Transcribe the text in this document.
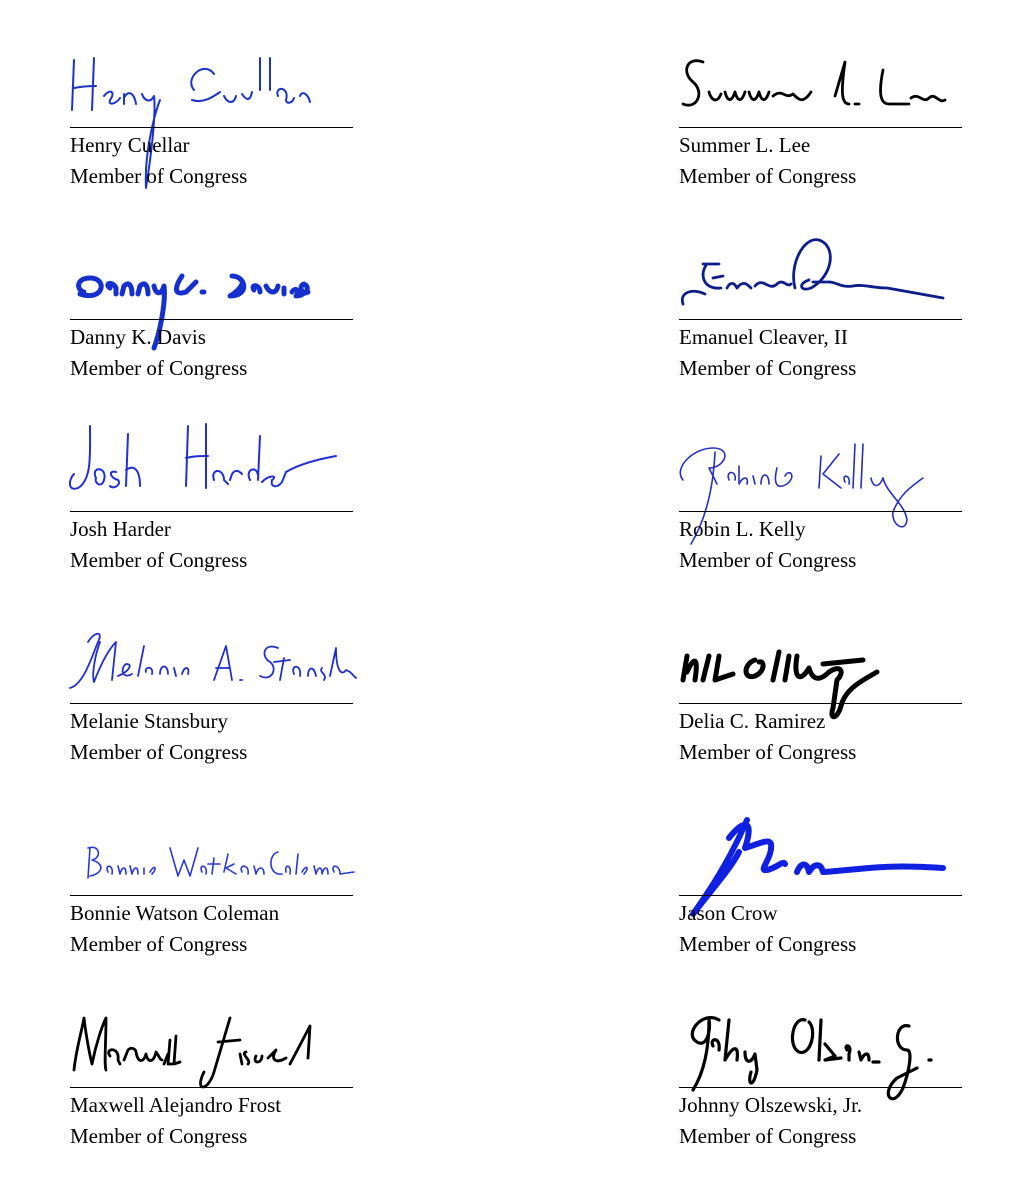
Henry Cuellar
Member of Congress
Summer L. Lee
Member of Congress
Danny K. Davis
Member of Congress
Emanuel Cleaver, II
Member of Congress
Josh Harder
Member of Congress
Robin L. Kelly
Member of Congress
Melanie Stansbury
Member of Congress
Delia C. Ramirez
Member of Congress
Bonnie Watson Coleman
Member of Congress
Jason Crow
Member of Congress
Maxwell Alejandro Frost
Member of Congress
Johnny Olszewski, Jr.
Member of Congress
